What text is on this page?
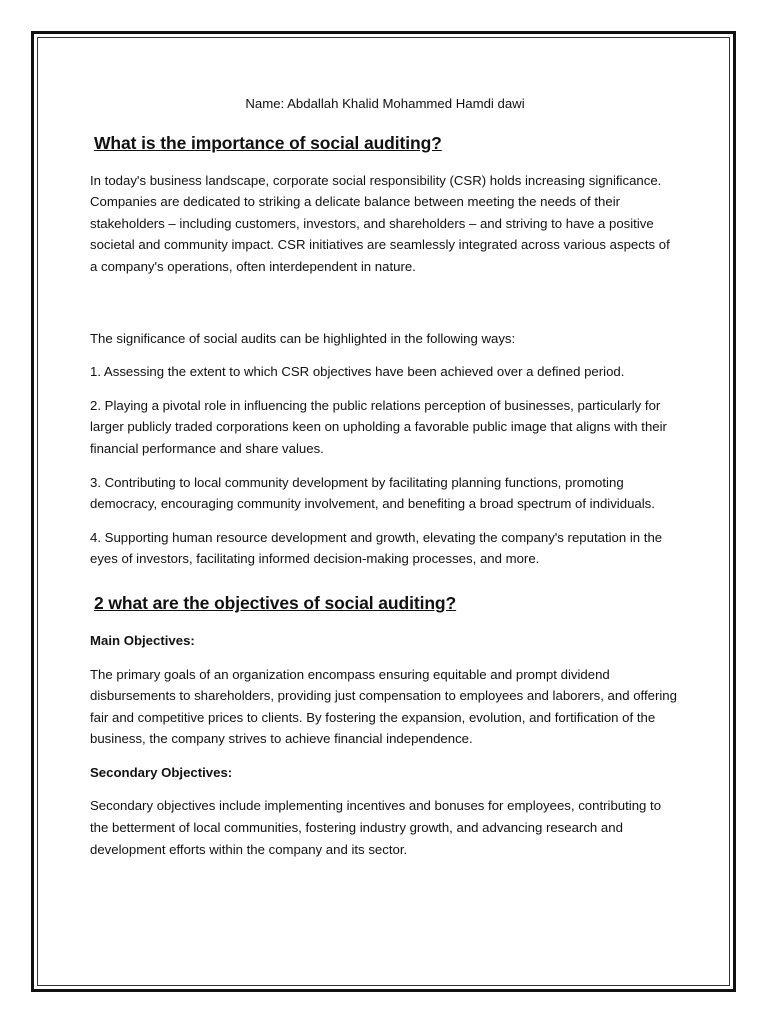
Name: Abdallah Khalid Mohammed Hamdi dawi

What is the importance of social auditing?

In today's business landscape, corporate social responsibility (CSR) holds increasing significance. Companies are dedicated to striking a delicate balance between meeting the needs of their stakeholders – including customers, investors, and shareholders – and striving to have a positive societal and community impact. CSR initiatives are seamlessly integrated across various aspects of a company's operations, often interdependent in nature.

The significance of social audits can be highlighted in the following ways:

1. Assessing the extent to which CSR objectives have been achieved over a defined period.

2. Playing a pivotal role in influencing the public relations perception of businesses, particularly for larger publicly traded corporations keen on upholding a favorable public image that aligns with their financial performance and share values.

3. Contributing to local community development by facilitating planning functions, promoting democracy, encouraging community involvement, and benefiting a broad spectrum of individuals.

4. Supporting human resource development and growth, elevating the company's reputation in the eyes of investors, facilitating informed decision-making processes, and more.

2 what are the objectives of social auditing?

Main Objectives:

The primary goals of an organization encompass ensuring equitable and prompt dividend disbursements to shareholders, providing just compensation to employees and laborers, and offering fair and competitive prices to clients. By fostering the expansion, evolution, and fortification of the business, the company strives to achieve financial independence.

Secondary Objectives:

Secondary objectives include implementing incentives and bonuses for employees, contributing to the betterment of local communities, fostering industry growth, and advancing research and development efforts within the company and its sector.
